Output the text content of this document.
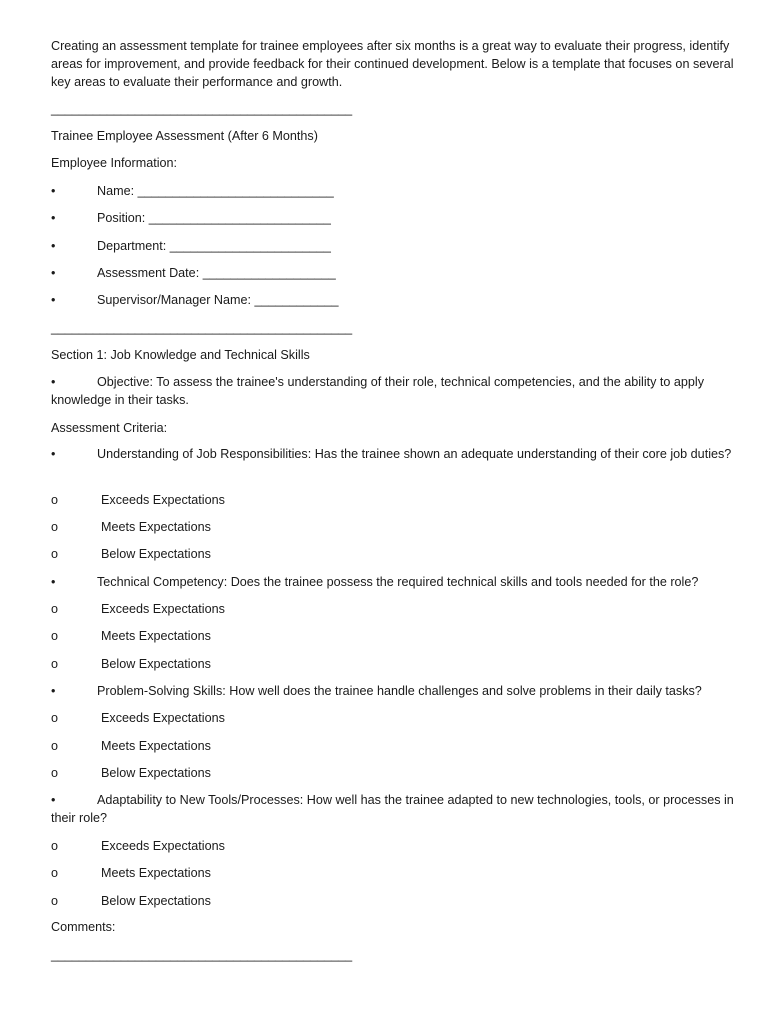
Creating an assessment template for trainee employees after six months is a great way to evaluate their progress, identify areas for improvement, and provide feedback for their continued development. Below is a template that focuses on several key areas to evaluate their performance and growth.
___________________________________________
Trainee Employee Assessment (After 6 Months)
Employee Information:
•	Name: ____________________________
•	Position: __________________________
•	Department: _______________________
•	Assessment Date: ___________________
•	Supervisor/Manager Name: ____________
___________________________________________
Section 1: Job Knowledge and Technical Skills
•	Objective: To assess the trainee's understanding of their role, technical competencies, and the ability to apply knowledge in their tasks.
Assessment Criteria:
•	Understanding of Job Responsibilities: Has the trainee shown an adequate understanding of their core job duties?
o	Exceeds Expectations
o	Meets Expectations
o	Below Expectations
•	Technical Competency: Does the trainee possess the required technical skills and tools needed for the role?
o	Exceeds Expectations
o	Meets Expectations
o	Below Expectations
•	Problem-Solving Skills: How well does the trainee handle challenges and solve problems in their daily tasks?
o	Exceeds Expectations
o	Meets Expectations
o	Below Expectations
•	Adaptability to New Tools/Processes: How well has the trainee adapted to new technologies, tools, or processes in their role?
o	Exceeds Expectations
o	Meets Expectations
o	Below Expectations
Comments:
___________________________________________
